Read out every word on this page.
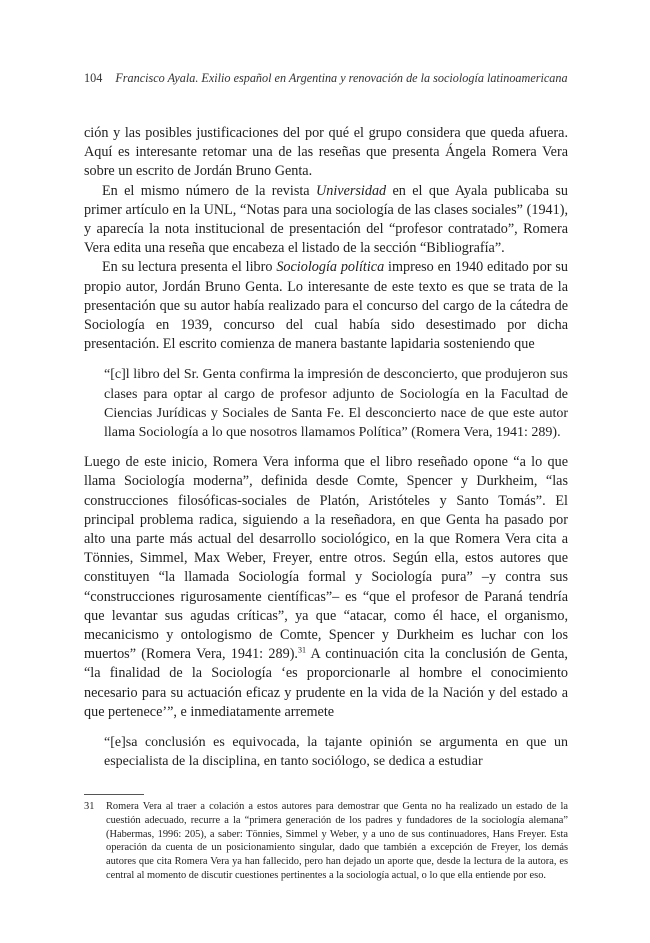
104 Francisco Ayala. Exilio español en Argentina y renovación de la sociología latinoamericana

ción y las posibles justificaciones del por qué el grupo considera que queda afuera. Aquí es interesante retomar una de las reseñas que presenta Ángela Romera Vera sobre un escrito de Jordán Bruno Genta.

En el mismo número de la revista Universidad en el que Ayala publicaba su primer artículo en la UNL, “Notas para una sociología de las clases sociales” (1941), y aparecía la nota institucional de presentación del “profesor contratado”, Romera Vera edita una reseña que encabeza el listado de la sección “Bibliografía”.

En su lectura presenta el libro Sociología política impreso en 1940 editado por su propio autor, Jordán Bruno Genta. Lo interesante de este texto es que se trata de la presentación que su autor había realizado para el concurso del cargo de la cátedra de Sociología en 1939, concurso del cual había sido desestimado por dicha presentación. El escrito comienza de manera bastante lapidaria sosteniendo que

“[c]l libro del Sr. Genta confirma la impresión de desconcierto, que produjeron sus clases para optar al cargo de profesor adjunto de Sociología en la Facultad de Ciencias Jurídicas y Sociales de Santa Fe. El desconcierto nace de que este autor llama Sociología a lo que nosotros llamamos Política” (Romera Vera, 1941: 289).

Luego de este inicio, Romera Vera informa que el libro reseñado opone “a lo que llama Sociología moderna”, definida desde Comte, Spencer y Durkheim, “las construcciones filosóficas-sociales de Platón, Aristóteles y Santo Tomás”. El principal problema radica, siguiendo a la reseñadora, en que Genta ha pasado por alto una parte más actual del desarrollo sociológico, en la que Romera Vera cita a Tönnies, Simmel, Max Weber, Freyer, entre otros. Según ella, estos autores que constituyen “la llamada Sociología formal y Sociología pura” –y contra sus “construcciones rigurosamente científicas”– es “que el profesor de Paraná tendría que levantar sus agudas críticas”, ya que “atacar, como él hace, el organismo, mecanicismo y ontologismo de Comte, Spencer y Durkheim es luchar con los muertos” (Romera Vera, 1941: 289).$^{31}$ A continuación cita la conclusión de Genta, “la finalidad de la Sociología ‘es proporcionarle al hombre el conocimiento necesario para su actuación eficaz y prudente en la vida de la Nación y del estado a que pertenece’”, e inmediatamente arremete

“[e]sa conclusión es equivocada, la tajante opinión se argumenta en que un especialista de la disciplina, en tanto sociólogo, se dedica a estudiar
31	Romera Vera al traer a colación a estos autores para demostrar que Genta no ha realizado un estado de la cuestión adecuado, recurre a la “primera generación de los padres y fundadores de la sociología alemana” (Habermas, 1996: 205), a saber: Tönnies, Simmel y Weber, y a uno de sus continuadores, Hans Freyer. Esta operación da cuenta de un posicionamiento singular, dado que también a excepción de Freyer, los demás autores que cita Romera Vera ya han fallecido, pero han dejado un aporte que, desde la lectura de la autora, es central al momento de discutir cuestiones pertinentes a la sociología actual, o lo que ella entiende por eso.
